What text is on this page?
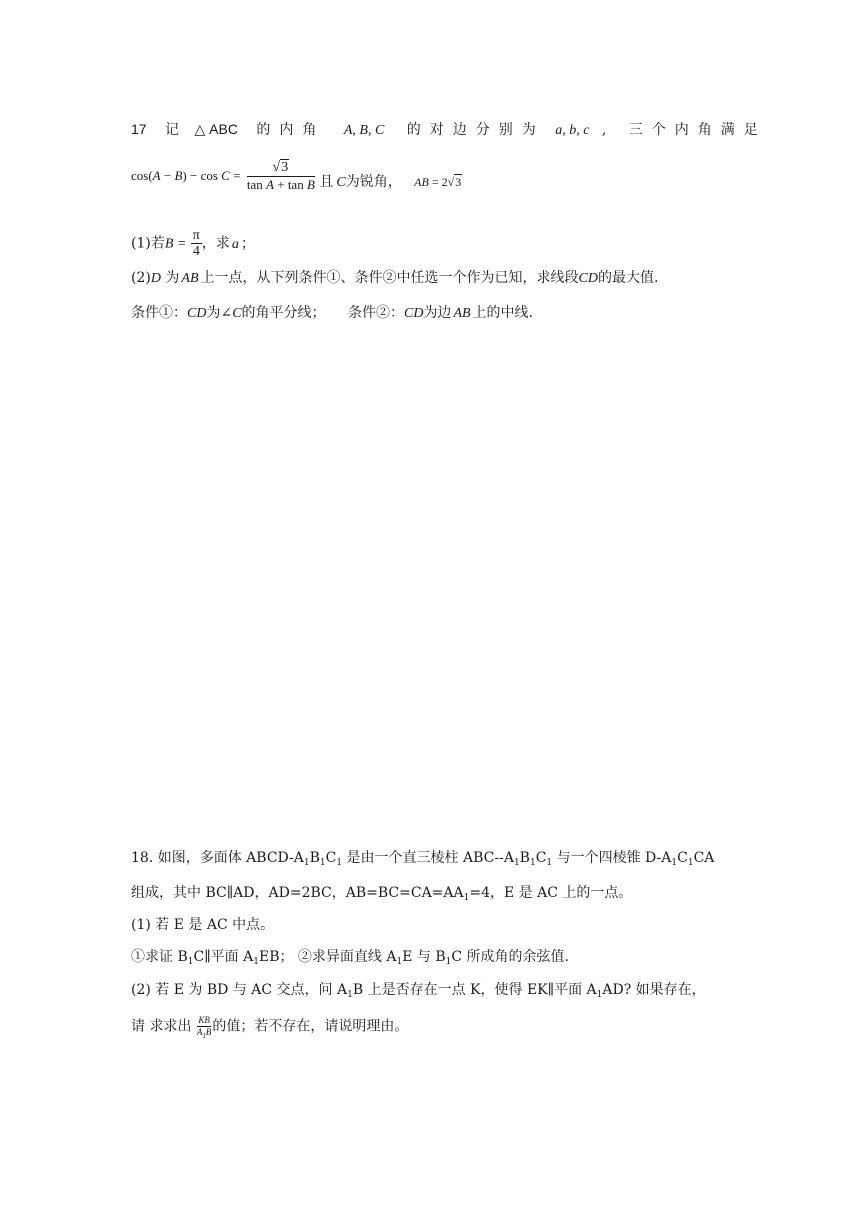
17 记 △ ABC 的内角 A, B, C 的对边分别为 a, b, c , 三个内角满足
$\cos(A - B) - \cos C = \frac{√3}{\text{tan A + tan B}}$ 且 C为锐角， AB = 2√3
(1)若$B = \frac{\pi}{4}$ ，求 a ；
(2)D 为 AB 上一点，从下列条件①、条件②中任选一个作为已知，求线段CD的最大值.
条件①：CD为∠C的角平分线； 条件②：CD为边 AB 上的中线.
18. 如图，多面体 ABCD-$A_1B_1C_1$ 是由一个直三棱柱 ABC-$-A_1B_1C_1$ 与一个四棱锥 $D-A_1C_1CA$
组成，其中 BC∥AD，AD=2BC，$AB=BC=CA=AA_1=4$，E 是 AC 上的一点。
(1) 若 E 是 AC 中点。
①求证 $B_1C\parallel$平面 $A_1EB$； ②求异面直线 $A_1E$ 与 $B_1C$ 所成角的余弦值.
(2) 若 E 为 BD 与 AC 交点，问 $A_1B$ 上是否存在一点 K，使得 EK∥平面 $A_1AD$? 如果存在，
请 求求出 $\frac{KB}{A_1B}$ 的值；若不存在，请说明理由。
